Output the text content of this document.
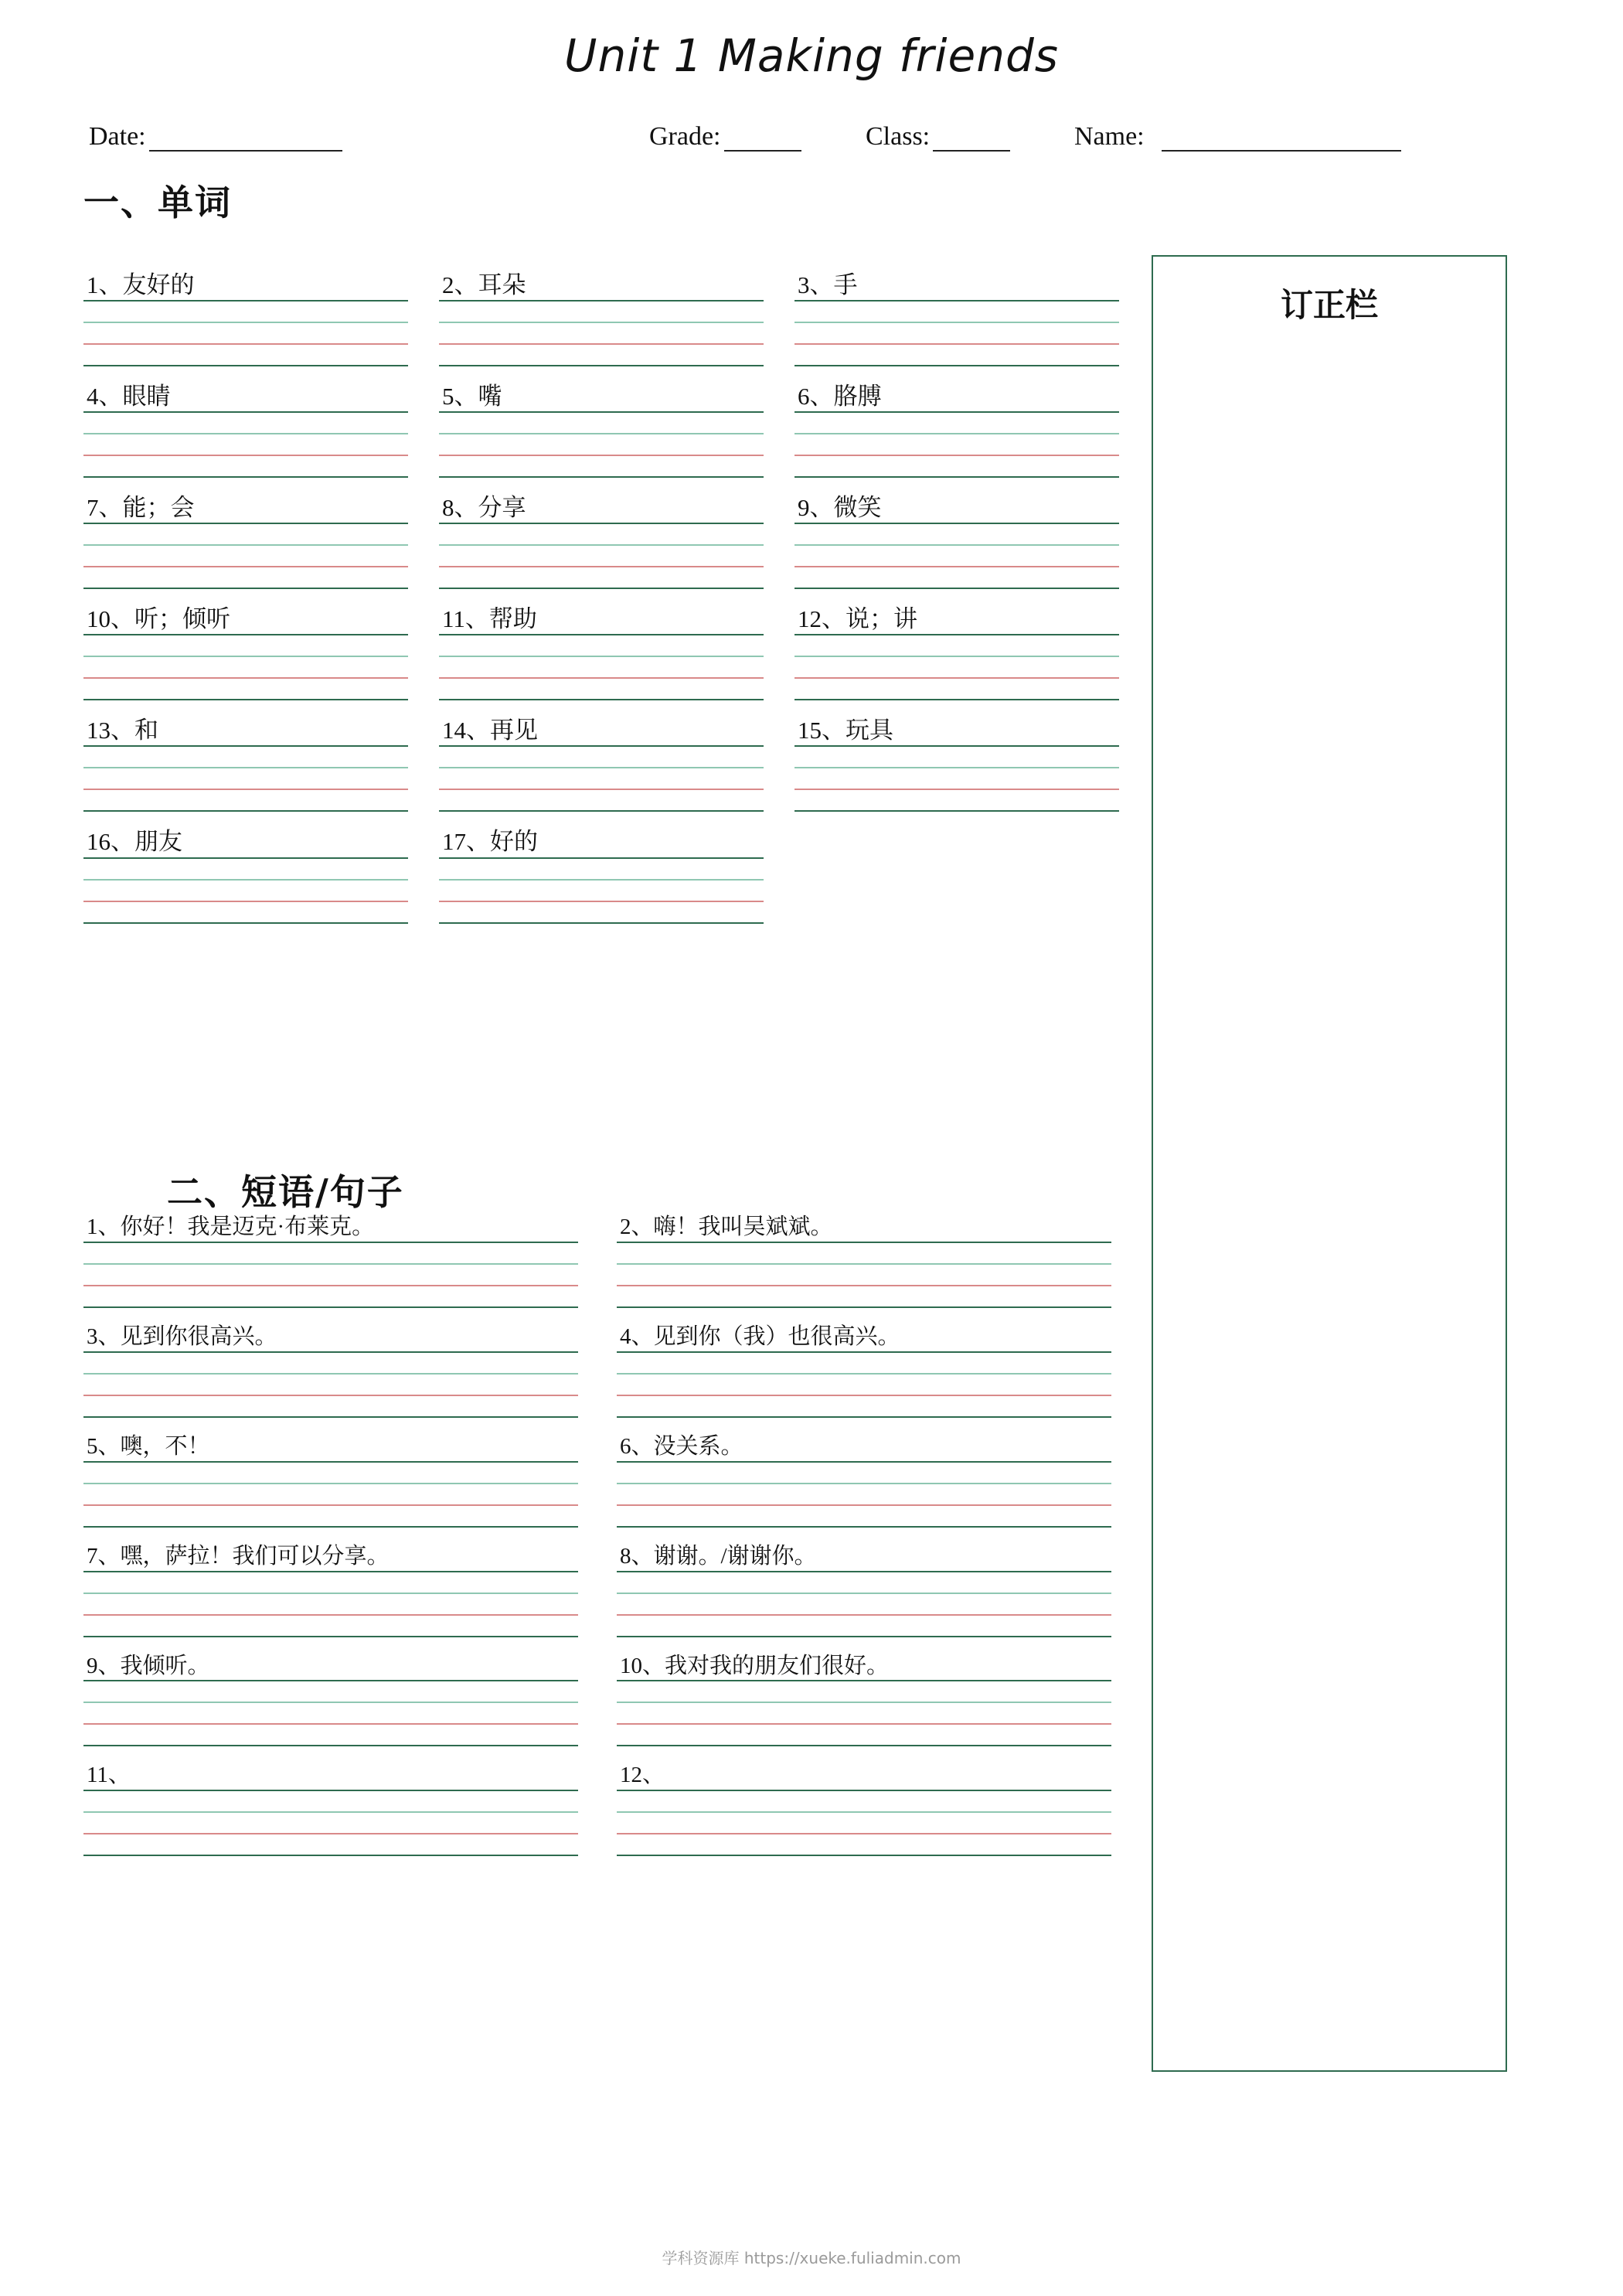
Unit 1 Making friends
Date:	Grade:	Class:	Name:
一、单词
1、友好的	2、耳朵	3、手
4、眼睛	5、嘴	6、胳膊
7、能；会	8、分享	9、微笑
10、听；倾听	11、帮助	12、说；讲
13、和	14、再见	15、玩具
16、朋友	17、好的
二、短语/句子
1、你好！我是迈克·布莱克。	2、嗨！我叫吴斌斌。
3、见到你很高兴。	4、见到你（我）也很高兴。
5、噢，不！	6、没关系。
7、嘿，萨拉！我们可以分享。	8、谢谢。/谢谢你。
9、我倾听。	10、我对我的朋友们很好。
11、	12、
订正栏
学科资源库 https://xueke.fuliadmin.com
